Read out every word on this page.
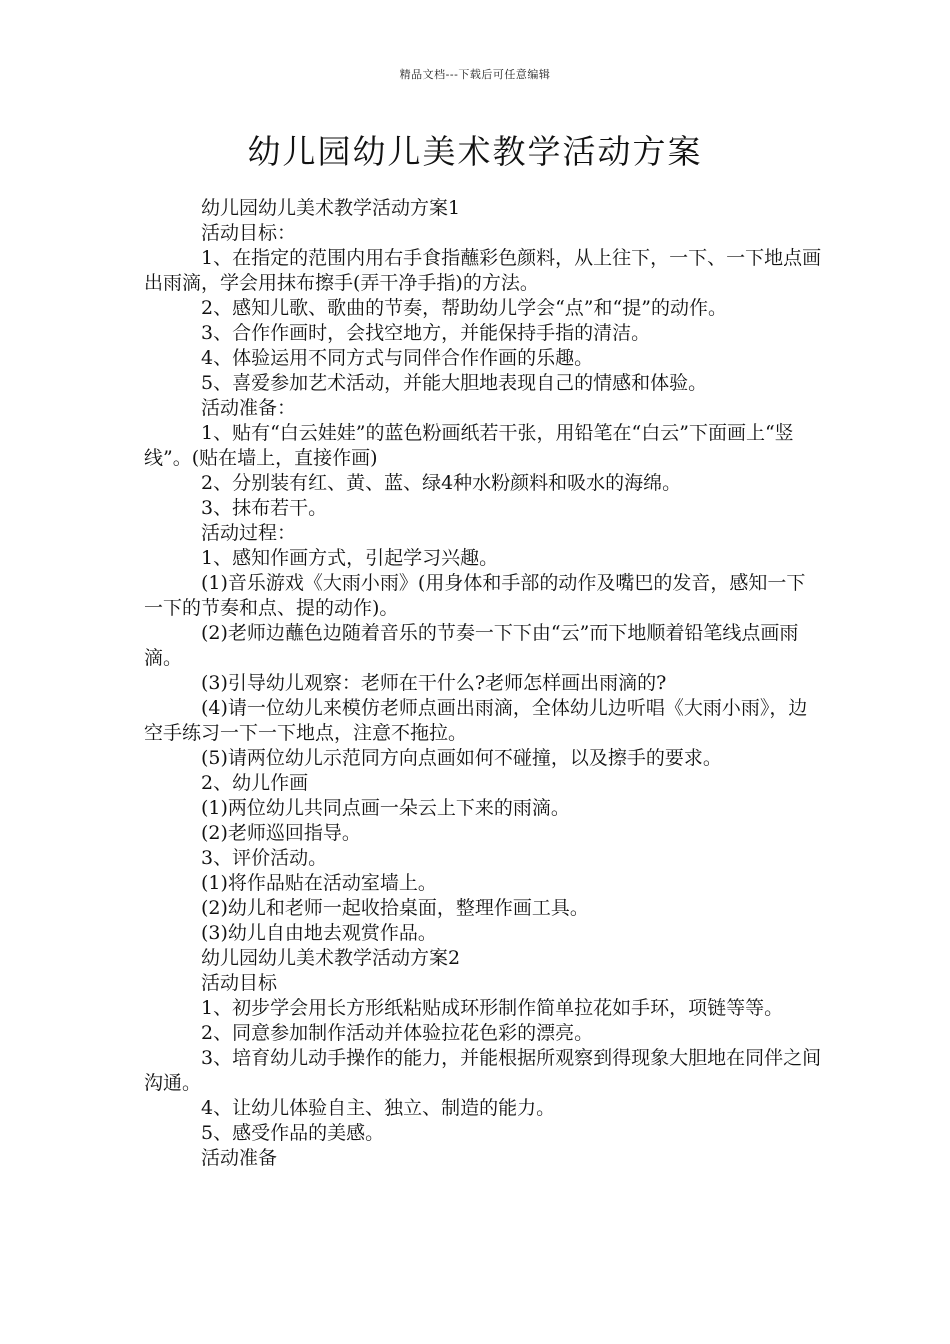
精品文档---下载后可任意编辑
幼儿园幼儿美术教学活动方案
幼儿园幼儿美术教学活动方案1
活动目标：
1、在指定的范围内用右手食指蘸彩色颜料，从上往下，一下、一下地点画出雨滴，学会用抹布擦手(弄干净手指)的方法。
2、感知儿歌、歌曲的节奏，帮助幼儿学会“点”和“提”的动作。
3、合作作画时，会找空地方，并能保持手指的清洁。
4、体验运用不同方式与同伴合作作画的乐趣。
5、喜爱参加艺术活动，并能大胆地表现自己的情感和体验。
活动准备：
1、贴有“白云娃娃”的蓝色粉画纸若干张，用铅笔在“白云”下面画上“竖线”。(贴在墙上，直接作画)
2、分别装有红、黄、蓝、绿4种水粉颜料和吸水的海绵。
3、抹布若干。
活动过程：
1、感知作画方式，引起学习兴趣。
(1)音乐游戏《大雨小雨》(用身体和手部的动作及嘴巴的发音，感知一下一下的节奏和点、提的动作)。
(2)老师边蘸色边随着音乐的节奏一下下由“云”而下地顺着铅笔线点画雨滴。
(3)引导幼儿观察：老师在干什么?老师怎样画出雨滴的?
(4)请一位幼儿来模仿老师点画出雨滴，全体幼儿边听唱《大雨小雨》，边空手练习一下一下地点，注意不拖拉。
(5)请两位幼儿示范同方向点画如何不碰撞，以及擦手的要求。
2、幼儿作画
(1)两位幼儿共同点画一朵云上下来的雨滴。
(2)老师巡回指导。
3、评价活动。
(1)将作品贴在活动室墙上。
(2)幼儿和老师一起收拾桌面，整理作画工具。
(3)幼儿自由地去观赏作品。
幼儿园幼儿美术教学活动方案2
活动目标
1、初步学会用长方形纸粘贴成环形制作简单拉花如手环，项链等等。
2、同意参加制作活动并体验拉花色彩的漂亮。
3、培育幼儿动手操作的能力，并能根据所观察到得现象大胆地在同伴之间沟通。
4、让幼儿体验自主、独立、制造的能力。
5、感受作品的美感。
活动准备
